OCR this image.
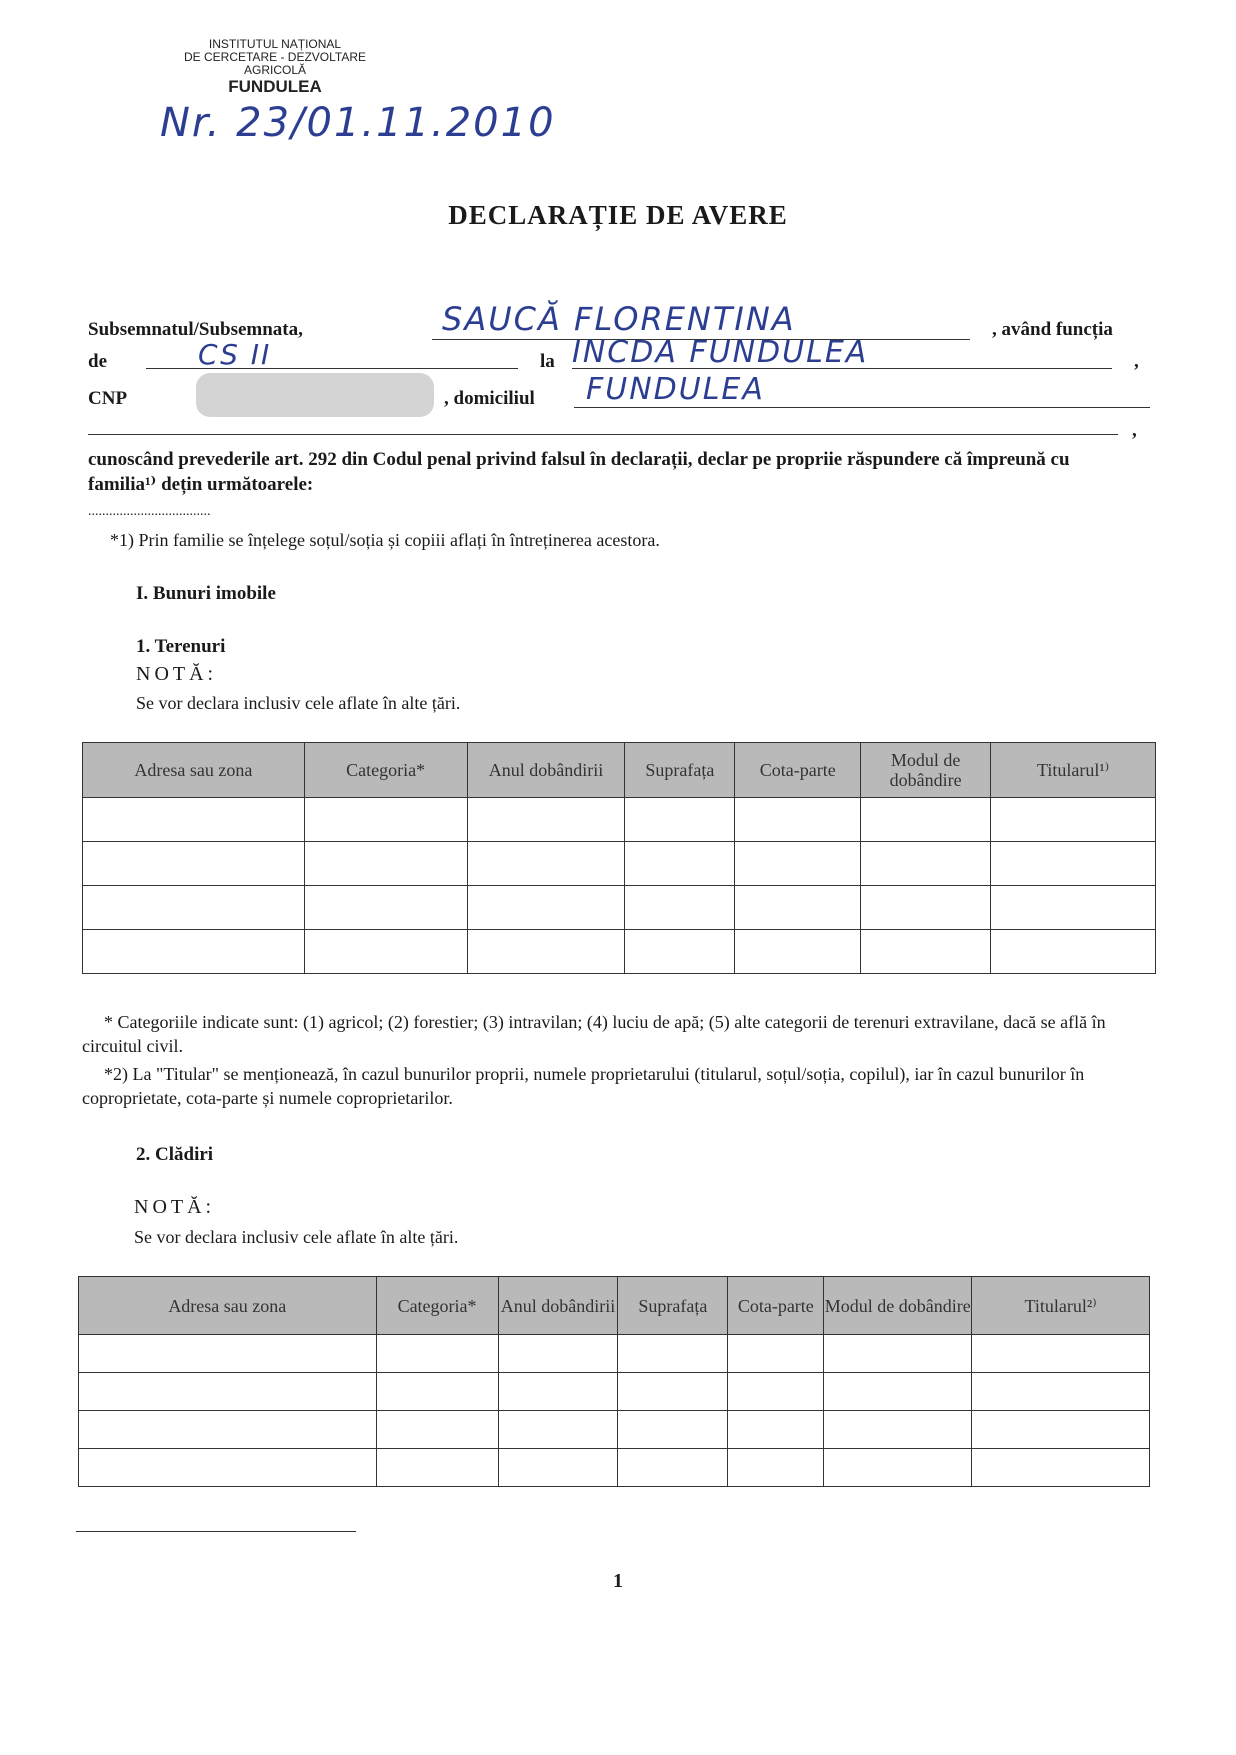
INSTITUTUL NAȚIONAL
DE CERCETARE - DEZVOLTARE
AGRICOLĂ
FUNDULEA
Nr. 23/01.11.2010
DECLARAȚIE DE AVERE
Subsemnatul/Subsemnata,	SAUCĂ FLORENTINA	, având funcția
de	CS II	la INCDA FUNDULEA	,
CNP	, domiciliul FUNDULEA
,
cunoscând prevederile art. 292 din Codul penal privind falsul în declarații, declar pe propriie răspundere că împreună cu familia¹⁾ dețin următoarele:
...................................
*1) Prin familie se înțelege soțul/soția și copiii aflați în întreținerea acestora.
I. Bunuri imobile
1. Terenuri
NOTĂ:
Se vor declara inclusiv cele aflate în alte țări.
Adresa sau zona	Categoria*	Anul dobândirii	Suprafața	Cota-parte	Modul de dobândire	Titularul¹⁾

* Categoriile indicate sunt: (1) agricol; (2) forestier; (3) intravilan; (4) luciu de apă; (5) alte categorii de terenuri extravilane, dacă se află în circuitul civil.
*2) La "Titular" se menționează, în cazul bunurilor proprii, numele proprietarului (titularul, soțul/soția, copilul), iar în cazul bunurilor în coproprietate, cota-parte și numele coproprietarilor.
2. Clădiri
NOTĂ:
Se vor declara inclusiv cele aflate în alte țări.
Adresa sau zona	Categoria*	Anul dobândirii	Suprafața	Cota-parte	Modul de dobândire	Titularul²⁾

1
